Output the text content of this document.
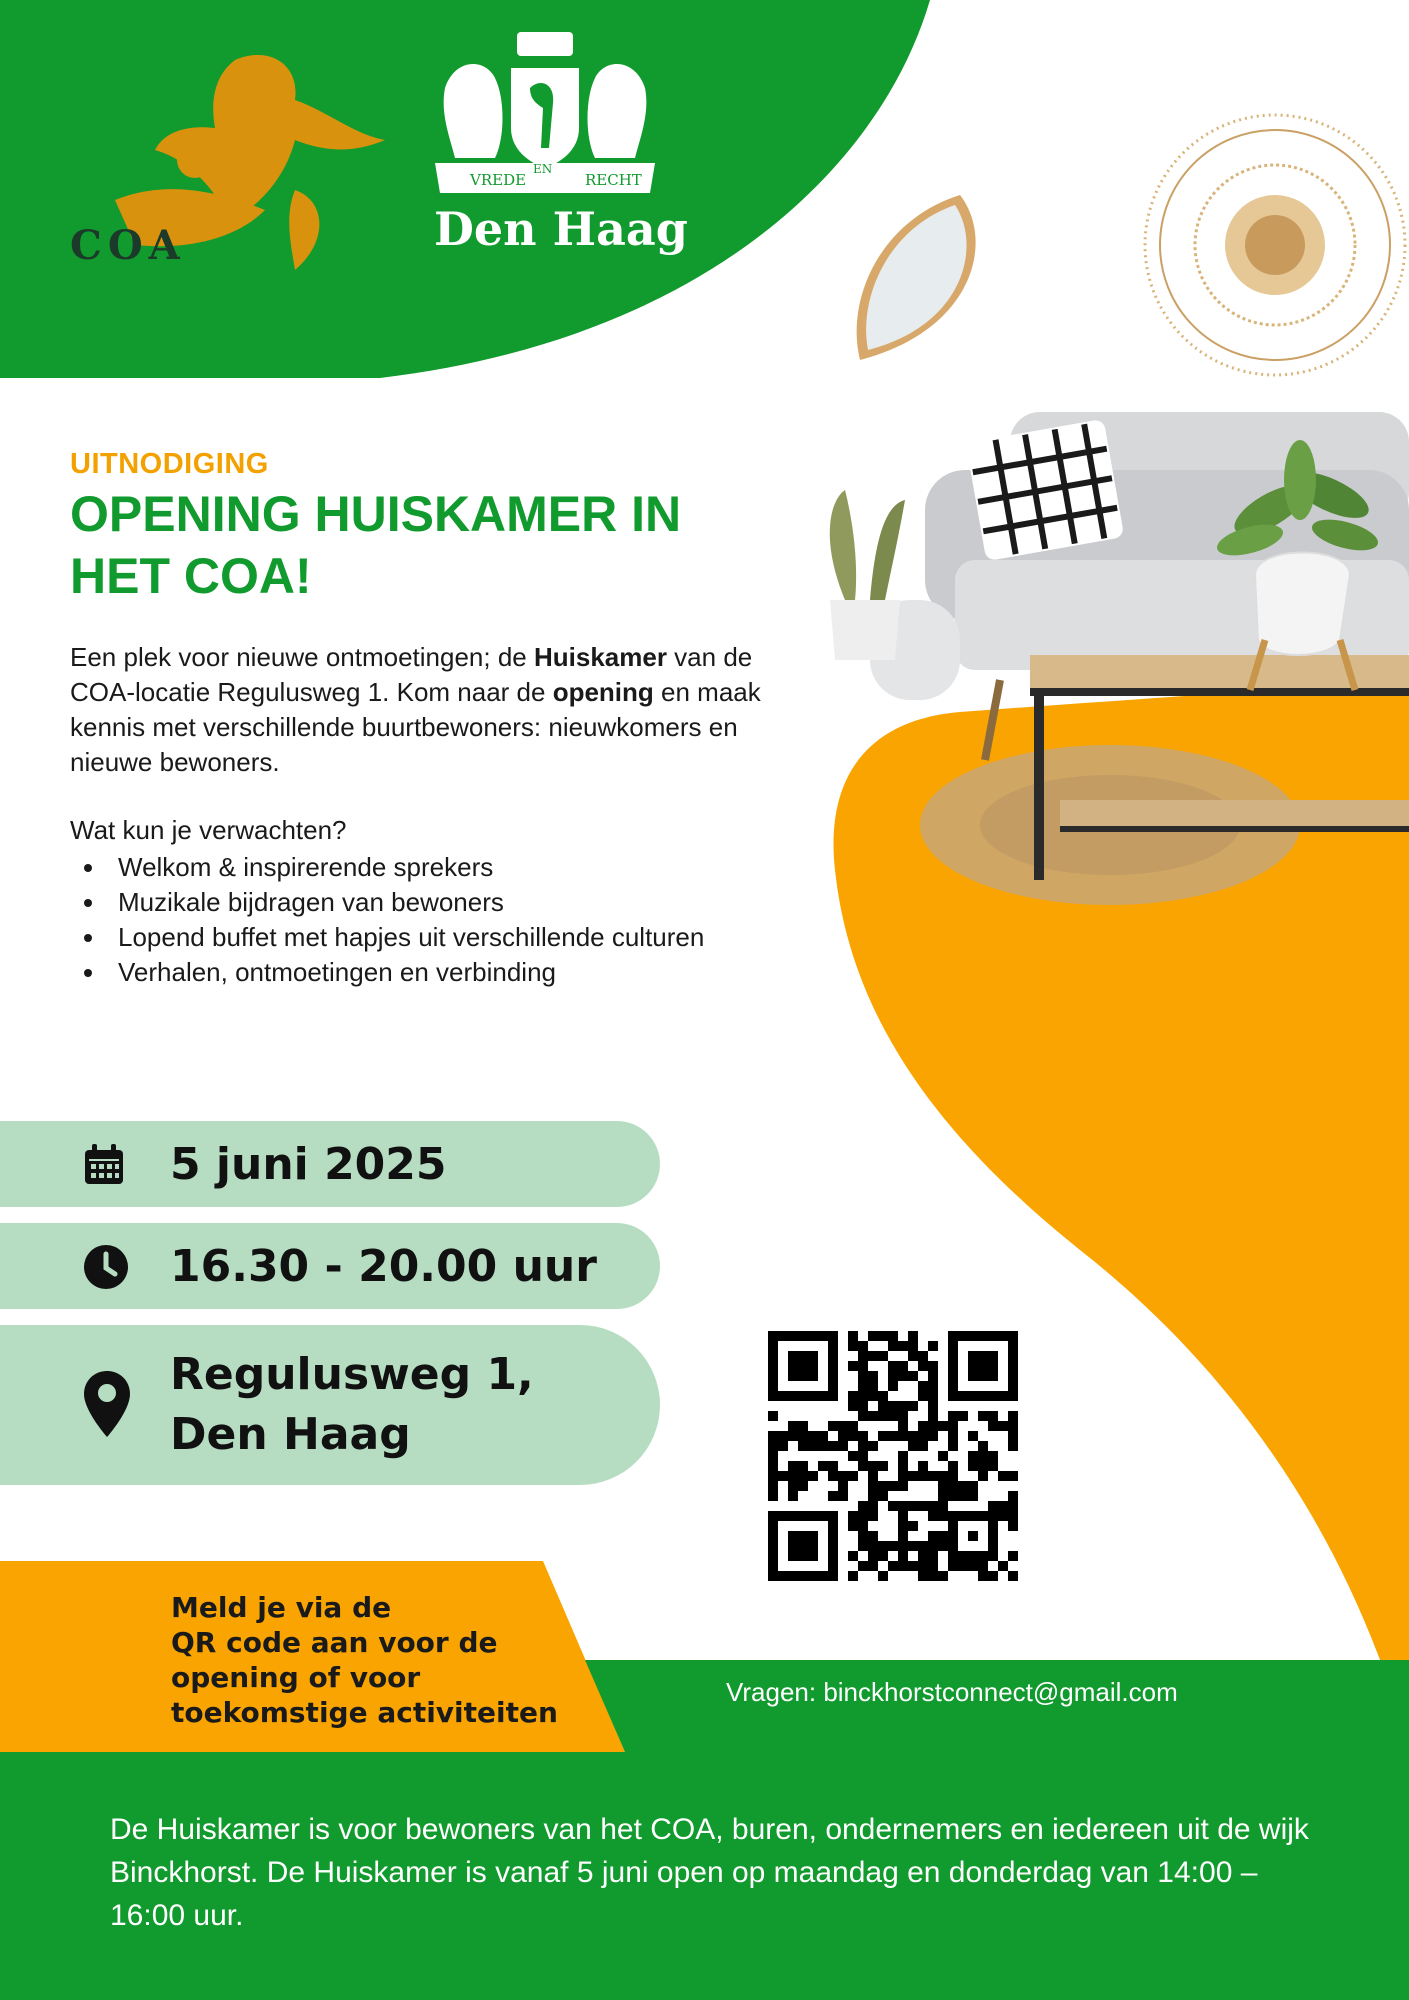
COA
VREDE
EN
RECHT
Den Haag
UITNODIGING
OPENING HUISKAMER IN
HET COA!
Een plek voor nieuwe ontmoetingen; de Huiskamer van de COA-locatie Regulusweg 1. Kom naar de opening en maak kennis met verschillende buurtbewoners: nieuwkomers en nieuwe bewoners.
Wat kun je verwachten?
Welkom & inspirerende sprekers
Muzikale bijdragen van bewoners
Lopend buffet met hapjes uit verschillende culturen
Verhalen, ontmoetingen en verbinding
5 juni 2025
16.30 - 20.00 uur
Regulusweg 1,
Den Haag
Meld je via de
QR code aan voor de
opening of voor
toekomstige activiteiten
Vragen: binckhorstconnect@gmail.com
De Huiskamer is voor bewoners van het COA, buren, ondernemers en iedereen uit de wijk Binckhorst. De Huiskamer is vanaf 5 juni open op maandag en donderdag van 14:00 – 16:00 uur.
